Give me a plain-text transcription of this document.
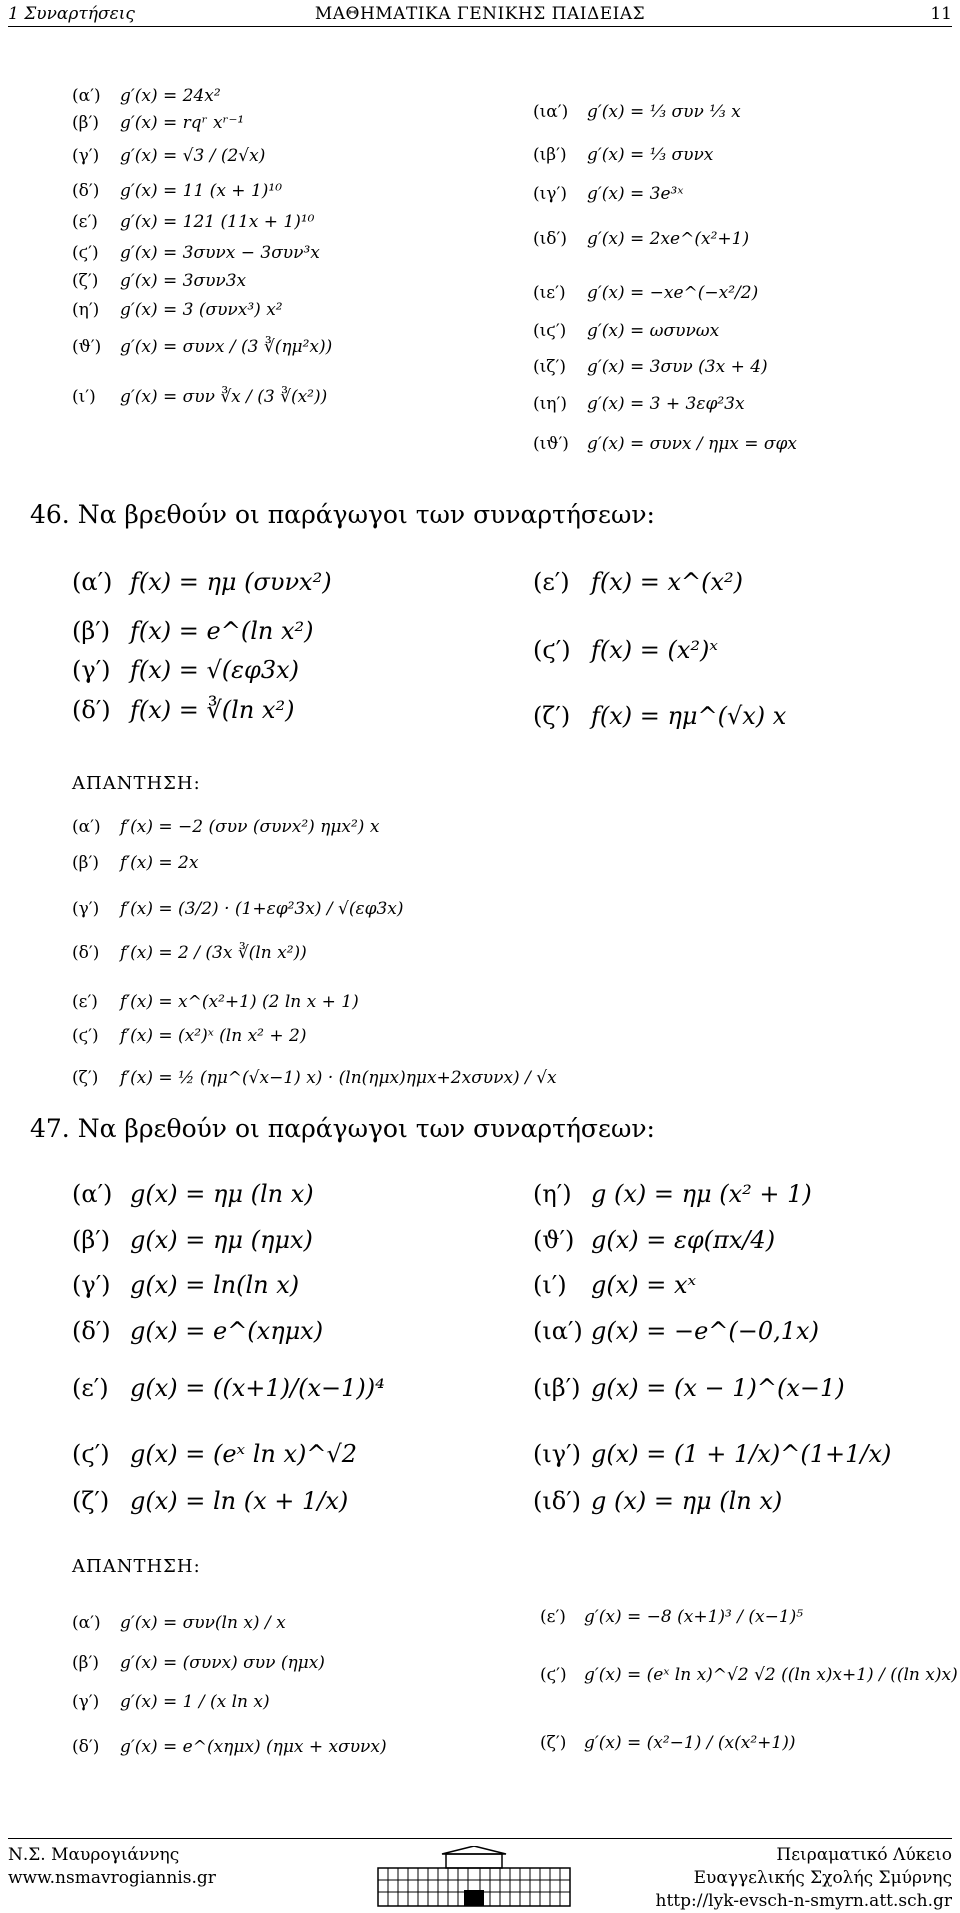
1 Συναρτήσεις	ΜΑΘΗΜΑΤΙΚΑ ΓΕΝΙΚΗΣ ΠΑΙΔΕΙΑΣ	11
(α′) g′(x) = 24x²
(β′) g′(x) = rqʳ xʳ⁻¹
(γ′) g′(x) = √3 / (2√x)
(δ′) g′(x) = 11 (x + 1)¹⁰
(ε′) g′(x) = 121 (11x + 1)¹⁰
(ϛ′) g′(x) = 3συνx − 3συν³x
(ζ′) g′(x) = 3συν3x
(η′) g′(x) = 3 (συνx³) x²
(ϑ′) g′(x) = συνx / (3 ∛(ημ²x))
(ι′) g′(x) = συν ∛x / (3 ∛(x²))
(ια′) g′(x) = ⅓ συν ⅓ x
(ιβ′) g′(x) = ⅓ συνx
(ιγ′) g′(x) = 3e³ˣ
(ιδ′) g′(x) = 2xe^(x²+1)
(ιε′) g′(x) = −xe^(−x²/2)
(ιϛ′) g′(x) = ωσυνωx
(ιζ′) g′(x) = 3συν (3x + 4)
(ιη′) g′(x) = 3 + 3εφ²3x
(ιϑ′) g′(x) = συνx / ημx = σφx
46. Να βρεθούν οι παράγωγοι των συναρτήσεων:
(α′) f(x) = ημ (συνx²)
(β′) f(x) = e^(ln x²)
(γ′) f(x) = √(εφ3x)
(δ′) f(x) = ∛(ln x²)
(ε′) f(x) = x^(x²)
(ϛ′) f(x) = (x²)ˣ
(ζ′) f(x) = ημ^(√x) x
ΑΠΑΝΤΗΣΗ:
(α′) f′(x) = −2 (συν (συνx²) ημx²) x
(β′) f′(x) = 2x
(γ′) f′(x) = (3/2) · (1+εφ²3x) / √(εφ3x)
(δ′) f′(x) = 2 / (3x ∛(ln x²))
(ε′) f′(x) = x^(x²+1) (2 ln x + 1)
(ϛ′) f′(x) = (x²)ˣ (ln x² + 2)
(ζ′) f′(x) = ½ (ημ^(√x−1) x) · (ln(ημx)ημx+2xσυνx) / √x
47. Να βρεθούν οι παράγωγοι των συναρτήσεων:
(α′) g(x) = ημ (ln x)
(β′) g(x) = ημ (ημx)
(γ′) g(x) = ln(ln x)
(δ′) g(x) = e^(xημx)
(ε′) g(x) = ((x+1)/(x−1))⁴
(ϛ′) g(x) = (eˣ ln x)^√2
(ζ′) g(x) = ln (x + 1/x)
(η′) g (x) = ημ (x² + 1)
(ϑ′) g(x) = εφ(πx/4)
(ι′) g(x) = xˣ
(ια′) g(x) = −e^(−0,1x)
(ιβ′) g(x) = (x − 1)^(x−1)
(ιγ′) g(x) = (1 + 1/x)^(1+1/x)
(ιδ′) g (x) = ημ (ln x)
ΑΠΑΝΤΗΣΗ:
(α′) g′(x) = συν(ln x) / x
(β′) g′(x) = (συνx) συν (ημx)
(γ′) g′(x) = 1 / (x ln x)
(δ′) g′(x) = e^(xημx) (ημx + xσυνx)
(ε′) g′(x) = −8 (x+1)³ / (x−1)⁵
(ϛ′) g′(x) = (eˣ ln x)^√2 √2 ((ln x)x+1) / ((ln x)x)
(ζ′) g′(x) = (x²−1) / (x(x²+1))
Ν.Σ. Μαυρογιάννης
www.nsmavrogiannis.gr
Πειραματικό Λύκειο
Ευαγγελικής Σχολής Σμύρνης
http://lyk-evsch-n-smyrn.att.sch.gr
